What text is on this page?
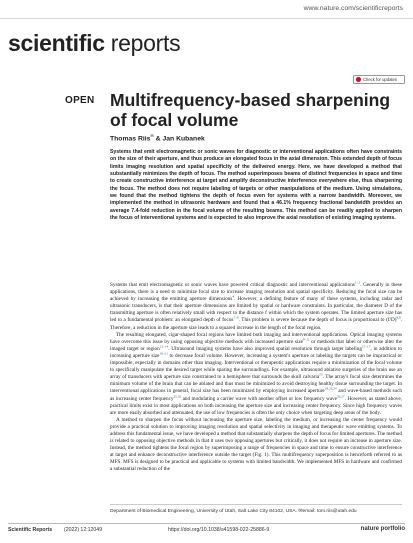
www.nature.com/scientificreports
scientific reports
Check for updates
OPEN Multifrequency-based sharpening of focal volume
Thomas Riis✉ & Jan Kubanek

Systems that emit electromagnetic or sonic waves for diagnostic or interventional applications often have constraints on the size of their aperture, and thus produce an elongated focus in the axial dimension. This extended depth of focus limits imaging resolution and spatial specificity of the delivered energy. Here, we have developed a method that substantially minimizes the depth of focus. The method superimposes beams of distinct frequencies in space and time to create constructive interference at target and amplify deconstructive interference everywhere else, thus sharpening the focus. The method does not require labeling of targets or other manipulations of the medium. Using simulations, we found that the method tightens the depth of focus even for systems with a narrow bandwidth. Moreover, we implemented the method in ultrasonic hardware and found that a 46.1% frequency fractional bandwidth provides an average 7.4-fold reduction in the focal volume of the resulting beams. This method can be readily applied to sharpen the focus of interventional systems and is expected to also improve the axial resolution of existing imaging systems.

Systems that emit electromagnetic or sonic waves have powered critical diagnostic and interventional applications$^{1-3}$. Generally in these applications, there is a need to minimize focal size to increase imaging resolution and spatial specificity. Reducing the focal size can be achieved by increasing the emitting aperture dimensions$^4$. However, a defining feature of many of these systems, including radar and ultrasonic transducers, is that their aperture dimensions are limited by spatial or hardware constraints. In particular, the diameter D of the transmitting aperture is often relatively small with respect to the distance f within which the system operates. The limited aperture size has led to a fundamental problem: an elongated depth of focus$^{5-8}$. This problem is severe because the depth of focus is proportional to $(f/D)^{8,9}$. Therefore, a reduction in the aperture size leads to a squared increase in the length of the focal region.

The resulting elongated, cigar-shaped focal regions have limited both imaging and interventional applications. Optical imaging systems have overcome this issue by using opposing objective methods with increased aperture size$^{9-11}$ or methods that label or otherwise alter the imaged target or region$^{12-14}$. Ultrasound imaging systems have also improved spatial resolution through target labeling$^{15-17}$, in addition to increasing aperture size$^{18-21}$ to decrease focal volume. However, increasing a system's aperture or labeling the targets can be impractical or impossible, especially in domains other than imaging. Interventional or therapeutic applications require a minimization of the focal volume to specifically manipulate the desired target while sparing the surroundings. For example, ultrasound ablative surgeries of the brain use an array of transducers with aperture size constrained to a hemisphere that surrounds the skull calvaria$^{23}$. The array's focal size determines the minimum volume of the brain that can be ablated and thus must be minimized to avoid destroying healthy tissue surrounding the target. In interventional applications in general, focal size has been minimized by employing increased aperture$^{19,23,24}$ and wave-based methods such as increasing center frequency$^{25,26}$ and modulating a carrier wave with another offset or low frequency wave$^{26,27}$. However, as stated above, practical limits exist in most applications on both increasing the aperture size and increasing center frequency. Since high frequency waves are more easily absorbed and attenuated, the use of low frequencies is often the only choice when targeting deep areas of the body.

A method to sharpen the focus without increasing the aperture size, labeling the medium, or increasing the center frequency would provide a practical solution to improving imaging resolution and spatial selectivity in imaging and therapeutic wave emitting systems. To address this fundamental issue, we have developed a method that substantially sharpens the depth of focus for limited apertures. The method is related to opposing objective methods in that it uses two opposing apertures but critically, it does not require an increase in aperture size. Instead, the method tightens the focal region by superimposing a range of frequencies in space and time to ensure constructive interference at target and enhance deconstructive interference outside the target (Fig. 1). This multifrequency superposition is henceforth referred to as MFS. MFS is designed to be practical and applicable to systems with limited bandwidth. We implemented MFS in hardware and confirmed a substantial reduction of the

Department of Biomedical Engineering, University of Utah, Salt Lake City 84102, USA. ✉email: tom.riis@utah.edu
Scientific Reports (2022) 12:12049	https://doi.org/10.1038/s41598-022-25886-9	nature portfolio
